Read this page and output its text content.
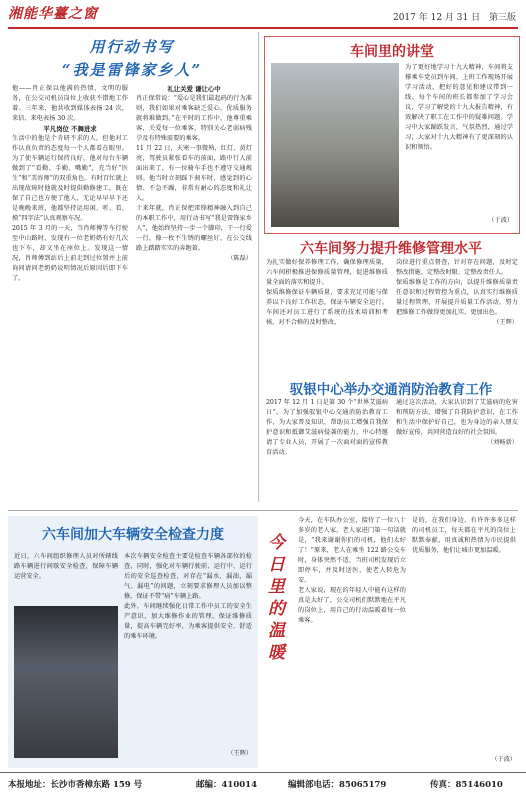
湘能华薹之窗	2017 年 12 月 31 日 第三版
用行动书写
“我是雷锋家乡人”
他——肖正保以他满的热情、文明的服务，在公交司机员岗位上收获不错地工作着。三年来，他共收到媒体表扬 24 次，来信、来电表扬 30 次。
平凡岗位 不舞进求
生活中的他是个肯研不求的人，但他对工作认真负责的态度每一个人都看在眼里。为了使车辆运行保持良好，他对每台车辆做到了“看勤、手勤、嘴勤”，充当好“医生”和“美容师”的双重角色。有时百忙就上出现故障时他就及时提供勤修建工，既在保了自己也方便了他人，无论早早早下还是晚晚来班，他都坚持运用闲、听、看、摸“四字法”认真观察车况。
2015 年 3 月的一天，当肖师傅等车行驶至中山路时，发现有一位老奶奶有好几次也下车，却又坐在座位上。发现这一情况，肖师傅到站后上前走到过位置并上前询问请问老奶奶说明情况后原因后即下车了。
礼让关爱 谦让心中
肖正保常说：“爱心是我们最起码的行为准则，我们如果对乘客缺乏爱心，优质服务就将难做到。”在平时的工作中，他尊重乘客，关爱每一位乘客，特别关心老弱病残孕及有特殊需要的乘客。
11 月 22 日，天寒一事微熟，红灯、黄灯亮，驾驶员紧张看车的前面，路中行人前面出来了，有一位骑车手也不遵守交通规则。他当时立刻踩下刹车时，感觉到的心情、不急不躁，非常有耐心的态度和礼让人。
十来年就，肖正保把雷锋精神融入到自己的本职工作中，用行动书写“我是雷锋家乡人”，他始终坚持一步一个脚印，干一行爱一行，像一枚不生锈的螺丝钉，在公交线路上踏踏实实的奔跑着。
（陈磊）
车间里的讲堂
为了更好地学习十九大精神，车间将支撑乘车党员到车间、上班工作现场开展学习活动，把好的意见和建议带到一线。每个车间的班长都参加了学习会议，学习了解党的十九大报告精神，有效解决了职工在工作中的疑难问题。学习中大家踊跃发言，气氛热烈，通过学习，大家对十九大精神有了更深刻的认识和领悟。
（于波）
六车间努力提升维修管理水平
为扎实做好保养修理工作，确保修理质量，六车间积极推进保修质量管理，促进维修质量全面的落实和提升。
保质维修保证车辆质量，要求充足可能与保养以下良好工作状态，保证车辆安全运行。车间还对员工进行了系统的技术培训和考核，对不合格的及时整改。
岗位进行重点督查，针对存在问题，及时定整改措施、定整改时限、定整改责任人。
保质维修是工作的方向，以提升维修质量责任意识和过程管控为重点，认真实行维修质量过程管理，开展提升质量工作活动，努力把维修工作做得更加扎实、更加出色。
（王辉）
驭银中心举办交通消防治教育工作
2017 年 12 月 1 日是第 30 个“世界艾滋病日”。为了加强驭银中心交通消防治教育工作，为大家普及知识，帮助员工增强自我保护意识和抵御艾滋病侵袭的能力，中心特邀请了专业人员，开展了一次面对面的宣传教育活动。
通过这次活动，大家认识到了艾滋病的危害和预防方法，增强了自我防护意识，在工作和生活中保护好自己，也为身边的亲人朋友做好宣传，共同营造良好的社会氛围。
（刘畅新）
六车间加大车辆安全检查力度
近日，六车间组织修理人员对所辖线路车辆进行间歇安全检查，保障车辆运营安全。
本次车辆安全检查主要是检查车辆各部位的检查，同时，强化对车辆行驶前、运行中、运行后的安全巡查检查，对存在“漏水、漏油、漏气、漏电”的问题，立刻要求修理人员加以整修，保证不带“病”车辆上路。
此外，车间继续强化日常工作中员工的安全生产意识，加大维修作业的管理，保证维修质量，提高车辆完好率，为乘客提供安全、舒适的乘车环境。
（王辉）
今日里的温暖
今天，在车队办公室，接待了一位八十多岁的老人家，老人家进门第一句话就是，“我来谢谢你们的司机，他们太好了！”原来，老人在乘坐 122 路公交车时，身体突然不适，当班司机发现后立即停车，并及时送医，使老人转危为安。
老人家说，现在的年轻人中能有这样的真是太好了，公交司机们默默地在平凡的岗位上，用自己的行动温暖着每一位乘客。
是的，在我们身边，有许许多多这样的司机员工，每天都在平凡的岗位上默默奉献，用真诚和热情为市民提供优质服务，他们让城市更加温暖。
（于波）
本报地址：长沙市香樟东路 159 号	邮编：410014	编辑部电话：85065179	传真：85146010
